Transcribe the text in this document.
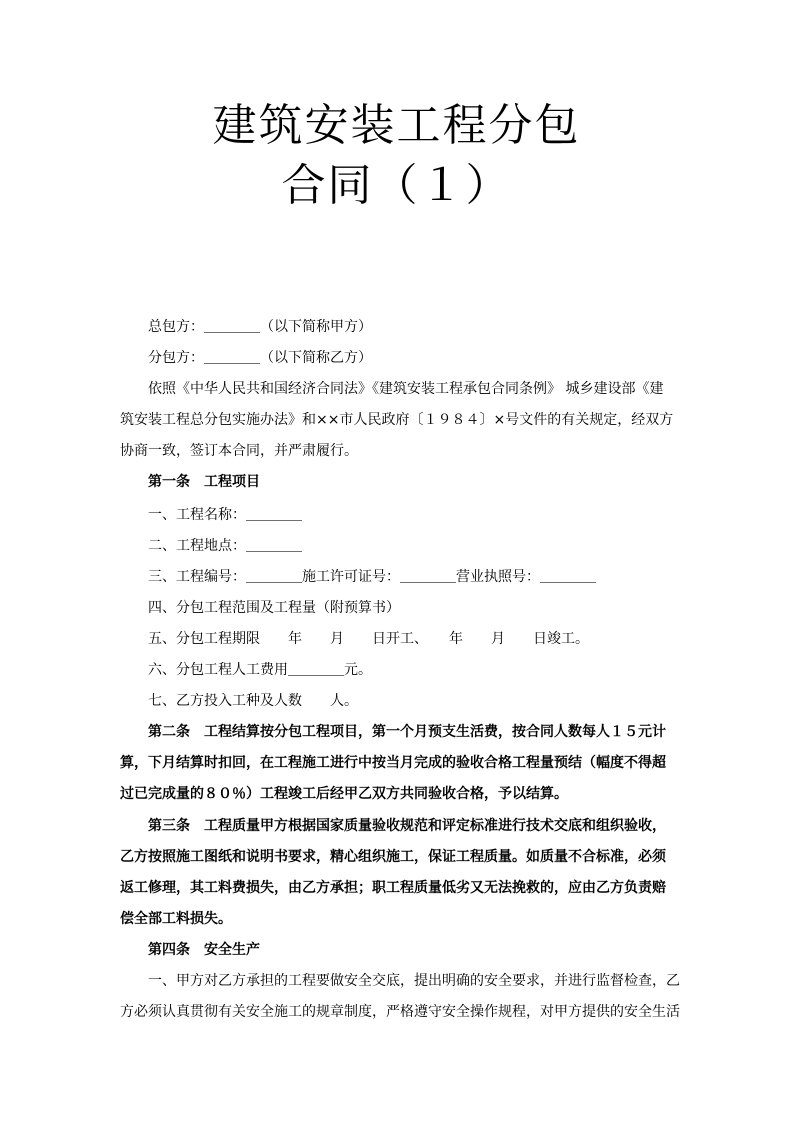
建筑安装工程分包
合同（１）
总包方：＿＿＿＿（以下简称甲方）
分包方：＿＿＿＿（以下简称乙方）
依照《中华人民共和国经济合同法》《建筑安装工程承包合同条例》 城乡建设部《建
筑安装工程总分包实施办法》和××市人民政府〔１９８４〕×号文件的有关规定，经双方
协商一致，签订本合同，并严肃履行。
第一条　工程项目
一、工程名称：＿＿＿＿
二、工程地点：＿＿＿＿
三、工程编号：＿＿＿＿施工许可证号：＿＿＿＿营业执照号：＿＿＿＿
四、分包工程范围及工程量（附预算书）
五、分包工程期限　　年　　月　　日开工、　　年　　月　　日竣工。
六、分包工程人工费用＿＿＿＿元。
七、乙方投入工种及人数　　人。
第二条　工程结算按分包工程项目，第一个月预支生活费，按合同人数每人１５元计
算，下月结算时扣回，在工程施工进行中按当月完成的验收合格工程量预结（幅度不得超
过已完成量的８０％）工程竣工后经甲乙双方共同验收合格，予以结算。
第三条　工程质量甲方根据国家质量验收规范和评定标准进行技术交底和组织验收，
乙方按照施工图纸和说明书要求，精心组织施工，保证工程质量。如质量不合标准，必须
返工修理，其工料费损失，由乙方承担；职工程质量低劣又无法挽救的，应由乙方负责赔
偿全部工料损失。
第四条　安全生产
一、甲方对乙方承担的工程要做安全交底，提出明确的安全要求，并进行监督检查，乙
方必须认真贯彻有关安全施工的规章制度，严格遵守安全操作规程，对甲方提供的安全生活
